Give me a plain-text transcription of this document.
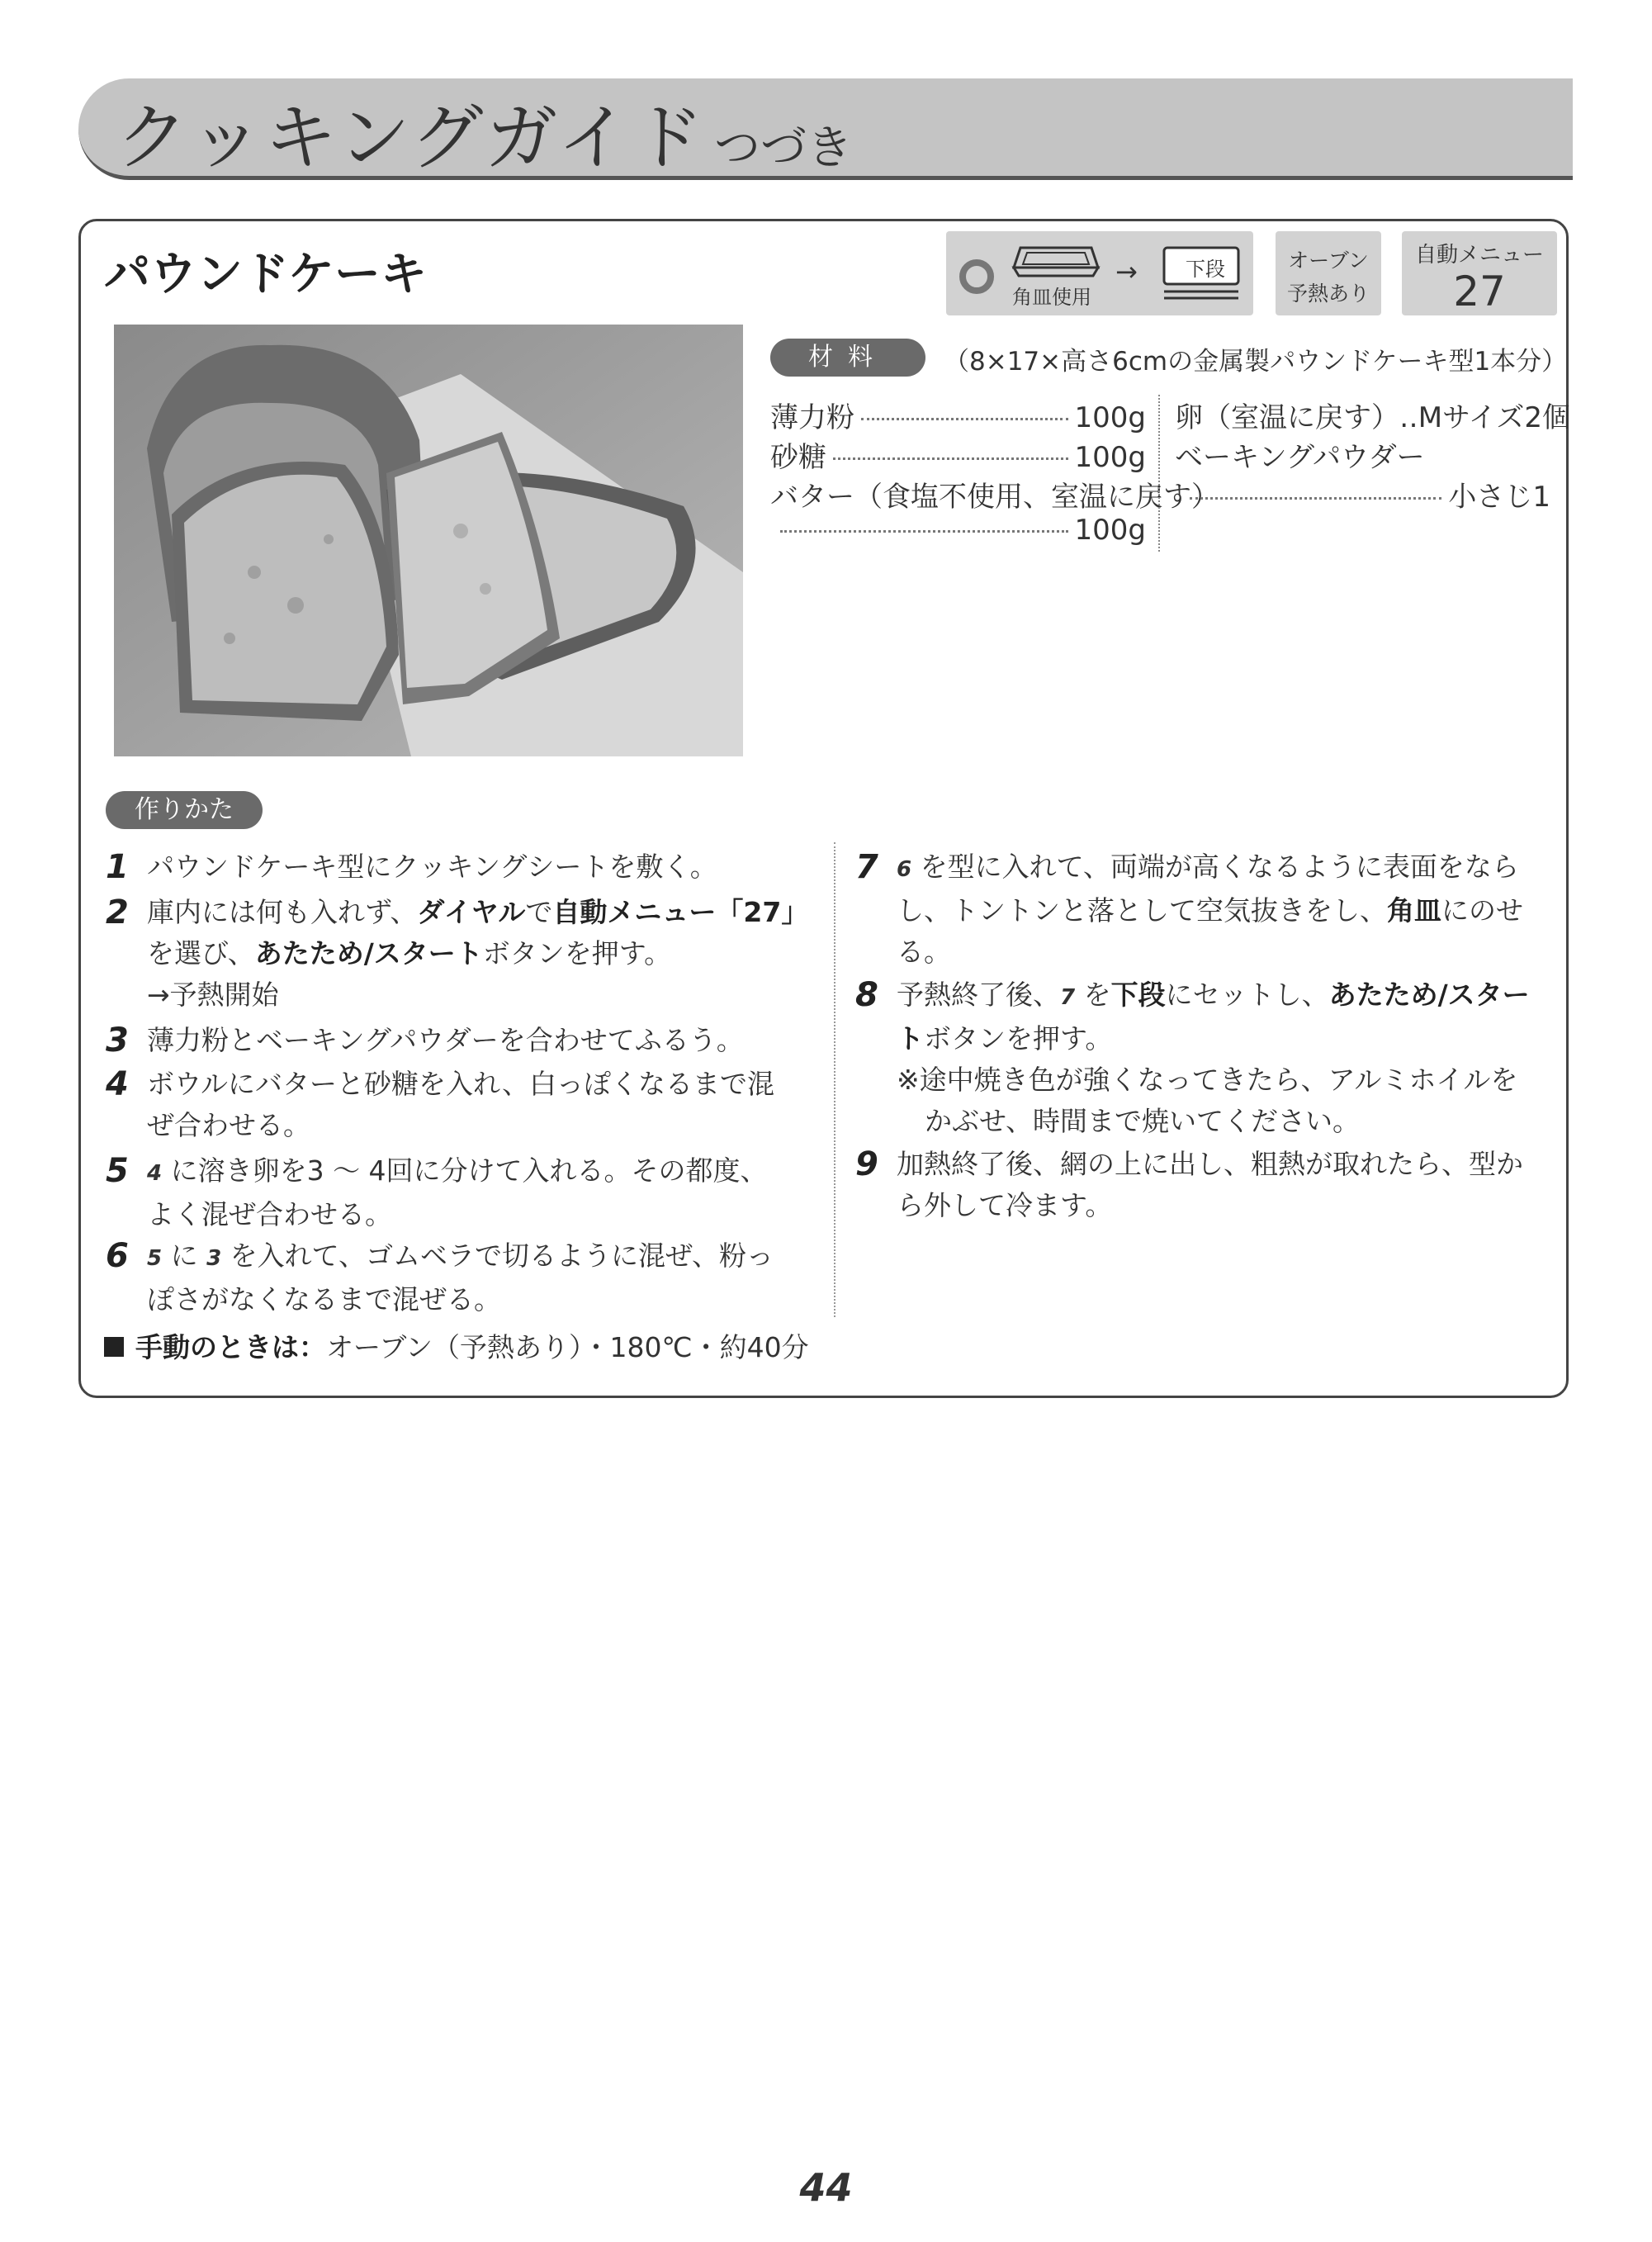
クッキングガイド つづき
パウンドケーキ	角皿使用
→ 下段	オーブン
予熱あり
自動メニュー
27
材料	（8×17×高さ6cmの金属製パウンドケーキ型1本分）
薄力粉	100g
砂糖	100g
バター（食塩不使用、室温に戻す）
100g
卵（室温に戻す）‥Mサイズ2個
ベーキングパウダー
小さじ1
作りかた
1 パウンドケーキ型にクッキングシートを敷く。
2 庫内には何も入れず、ダイヤルで自動メニュー「27」
を選び、あたため/スタートボタンを押す。
→予熱開始
3 薄力粉とベーキングパウダーを合わせてふるう。
4 ボウルにバターと砂糖を入れ、白っぽくなるまで混
ぜ合わせる。
5 4 に溶き卵を3 ～ 4回に分けて入れる。その都度、
よく混ぜ合わせる。
6 5 に 3 を入れて、ゴムベラで切るように混ぜ、粉っ
ぽさがなくなるまで混ぜる。
7 6 を型に入れて、両端が高くなるように表面をなら
し、トントンと落として空気抜きをし、角皿にのせ
る。
8 予熱終了後、7 を下段にセットし、あたため/スター
トボタンを押す。
※途中焼き色が強くなってきたら、アルミホイルを
かぶせ、時間まで焼いてください。
9 加熱終了後、網の上に出し、粗熱が取れたら、型か
ら外して冷ます。
手動のときは：オーブン（予熱あり）・180℃・約40分
44
